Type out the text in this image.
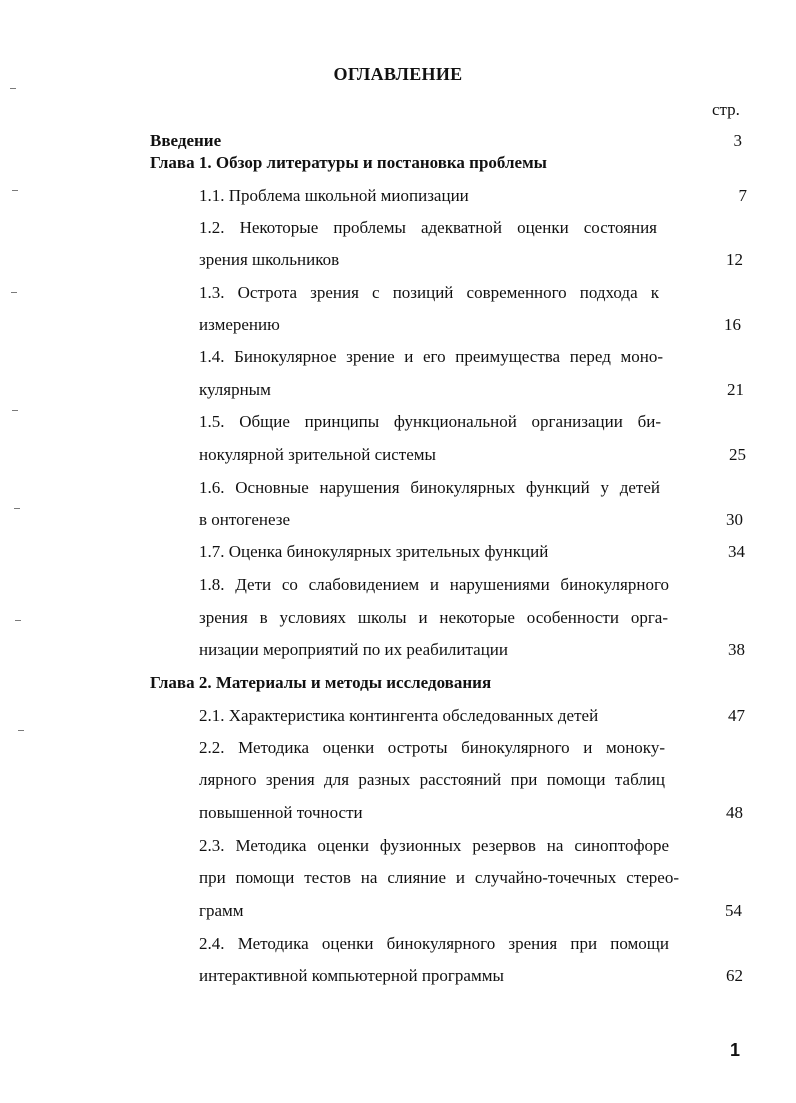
ОГЛАВЛЕНИЕ
стр.
Введение	3
Глава 1. Обзор литературы и постановка проблемы
1.1. Проблема школьной миопизации	7
1.2. Некоторые проблемы адекватной оценки состояния
зрения школьников	12
1.3. Острота зрения с позиций современного подхода к
измерению	16
1.4. Бинокулярное зрение и его преимущества перед моно-
кулярным	21
1.5. Общие принципы функциональной организации би-
нокулярной зрительной системы	25
1.6. Основные нарушения бинокулярных функций у детей
в онтогенезе	30
1.7. Оценка бинокулярных зрительных функций	34
1.8. Дети со слабовидением и нарушениями бинокулярного
зрения в условиях школы и некоторые особенности орга-
низации мероприятий по их реабилитации	38
Глава 2. Материалы и методы исследования
2.1. Характеристика контингента обследованных детей	47
2.2. Методика оценки остроты бинокулярного и моноку-
лярного зрения для разных расстояний при помощи таблиц
повышенной точности	48
2.3. Методика оценки фузионных резервов на синоптофоре
при помощи тестов на слияние и случайно-точечных стерео-
грамм	54
2.4. Методика оценки бинокулярного зрения при помощи
интерактивной компьютерной программы	62
1
